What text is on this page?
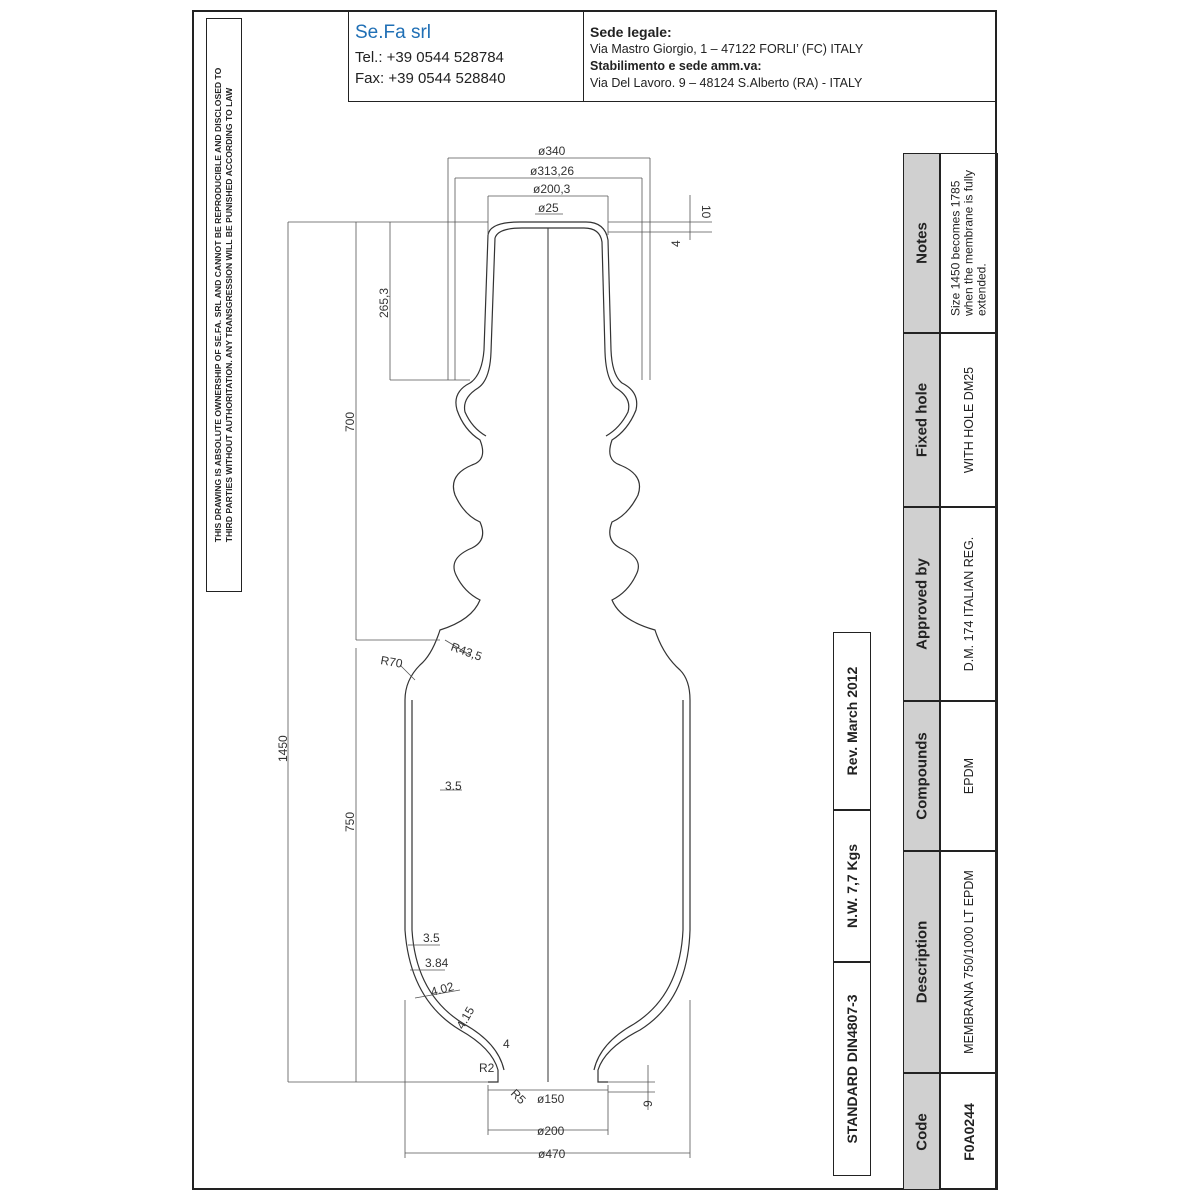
THIS DRAWING IS ABSOLUTE OWNERSHIP OF SE.FA. SRL AND CANNOT BE REPRODUCIBLE AND DISCLOSED TO THIRD PARTIES WITHOUT AUTHORITATION. ANY TRANSGRESSION WILL BE PUNISHED ACCORDING TO LAW
Se.Fa srl
Tel.: +39 0544 528784
Fax: +39 0544 528840
Sede legale:
Via Mastro Giorgio, 1 – 47122 FORLI’ (FC) ITALY
Stabilimento e sede amm.va:
Via Del Lavoro. 9 – 48124 S.Alberto (RA) - ITALY
Rev. March 2012
N.W. 7,7 Kgs
STANDARD DIN4807-3
Notes
Fixed hole
Approved by
Compounds
Description
Code
Size 1450 becomes 1785 when the membrane is fully extended.
WITH HOLE DM25
D.M. 174 ITALIAN REG.
EPDM
MEMBRANA 750/1000 LT EPDM
F0A0244
ø340
ø313,26
ø200,3
ø25	10
4
265,3
700
1450
750
R70	R43,5
3.5
3.5
3.84
4.02
4.15
4
R2
R5 ø150
ø200
ø470
9
